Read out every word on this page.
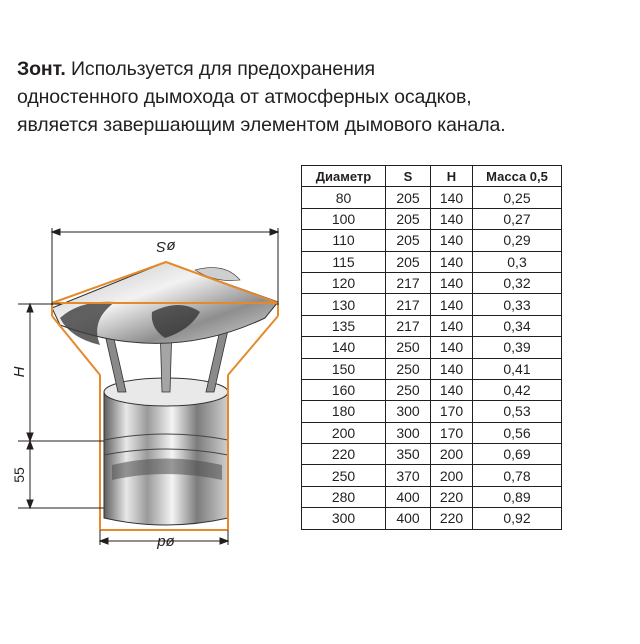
Зонт. Используется для предохранения
одностенного дымохода от атмосферных осадков,
является завершающим элементом дымового канала.
øS
H
55
ød
Диаметр	S	H	Масса 0,5
80	205	140	0,25
100	205	140	0,27
110	205	140	0,29
115	205	140	0,3
120	217	140	0,32
130	217	140	0,33
135	217	140	0,34
140	250	140	0,39
150	250	140	0,41
160	250	140	0,42
180	300	170	0,53
200	300	170	0,56
220	350	200	0,69
250	370	200	0,78
280	400	220	0,89
300	400	220	0,92
